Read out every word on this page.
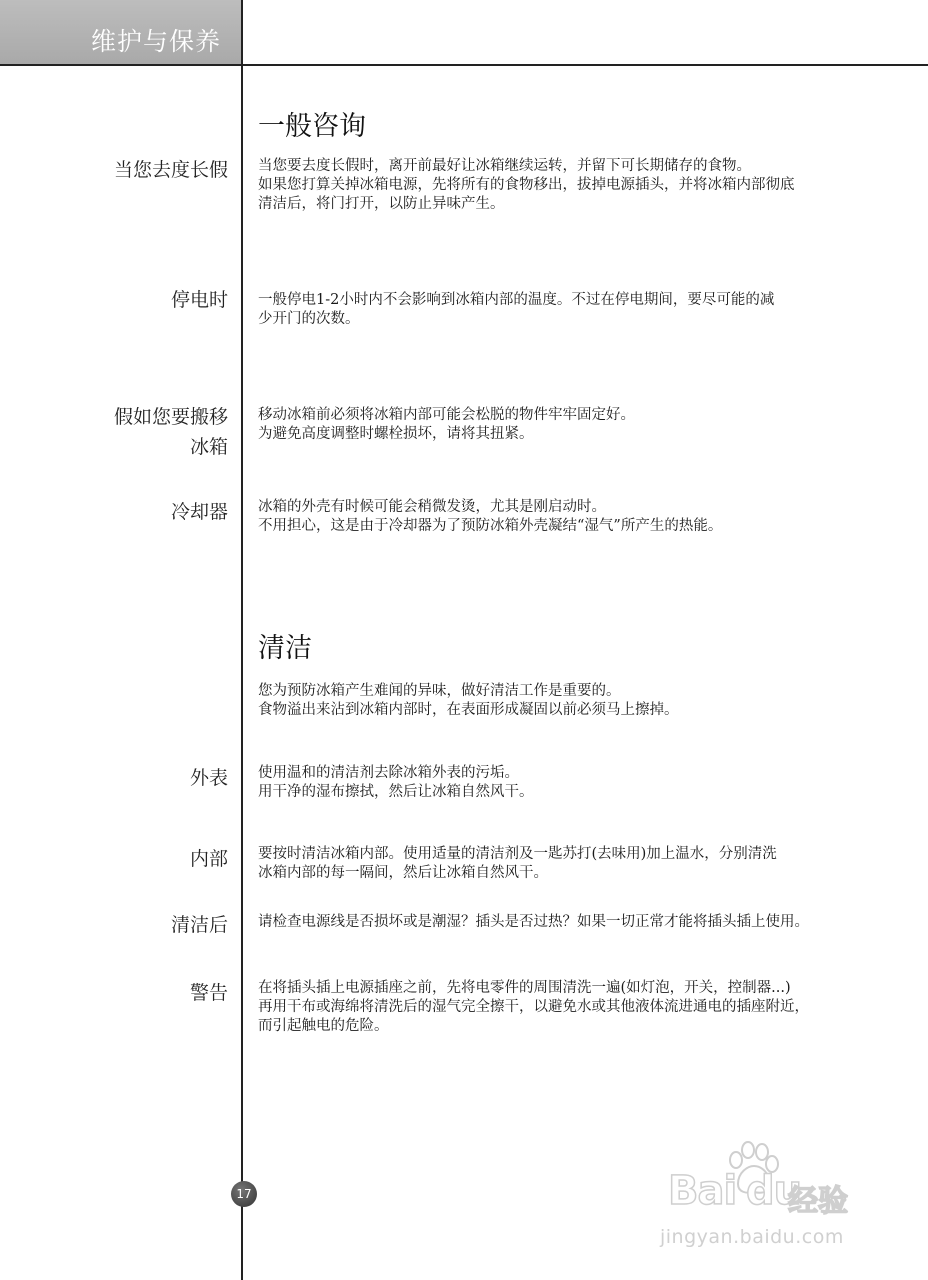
维护与保养
一般咨询
当您去度长假 当您要去度长假时，离开前最好让冰箱继续运转，并留下可长期储存的食物。
如果您打算关掉冰箱电源，先将所有的食物移出，拔掉电源插头，并将冰箱内部彻底
清洁后，将门打开，以防止异味产生。
停电时 一般停电1-2小时内不会影响到冰箱内部的温度。不过在停电期间，要尽可能的减
少开门的次数。
假如您要搬移
冰箱
移动冰箱前必须将冰箱内部可能会松脱的物件牢牢固定好。
为避免高度调整时螺栓损坏，请将其扭紧。
冷却器 冰箱的外壳有时候可能会稍微发烫，尤其是刚启动时。
不用担心，这是由于冷却器为了预防冰箱外壳凝结“湿气”所产生的热能。
清洁
您为预防冰箱产生难闻的异味，做好清洁工作是重要的。
食物溢出来沾到冰箱内部时，在表面形成凝固以前必须马上擦掉。
外表 使用温和的清洁剂去除冰箱外表的污垢。
用干净的湿布擦拭，然后让冰箱自然风干。
内部 要按时清洁冰箱内部。使用适量的清洁剂及一匙苏打(去味用)加上温水，分别清洗
冰箱内部的每一隔间，然后让冰箱自然风干。
清洁后 请检查电源线是否损坏或是潮湿？插头是否过热？如果一切正常才能将插头插上使用。
警告 在将插头插上电源插座之前，先将电零件的周围清洗一遍(如灯泡，开关，控制器...)
再用干布或海绵将清洗后的湿气完全擦干，以避免水或其他液体流进通电的插座附近，
而引起触电的危险。
17	Bai du
经验
jingyan.baidu.com
